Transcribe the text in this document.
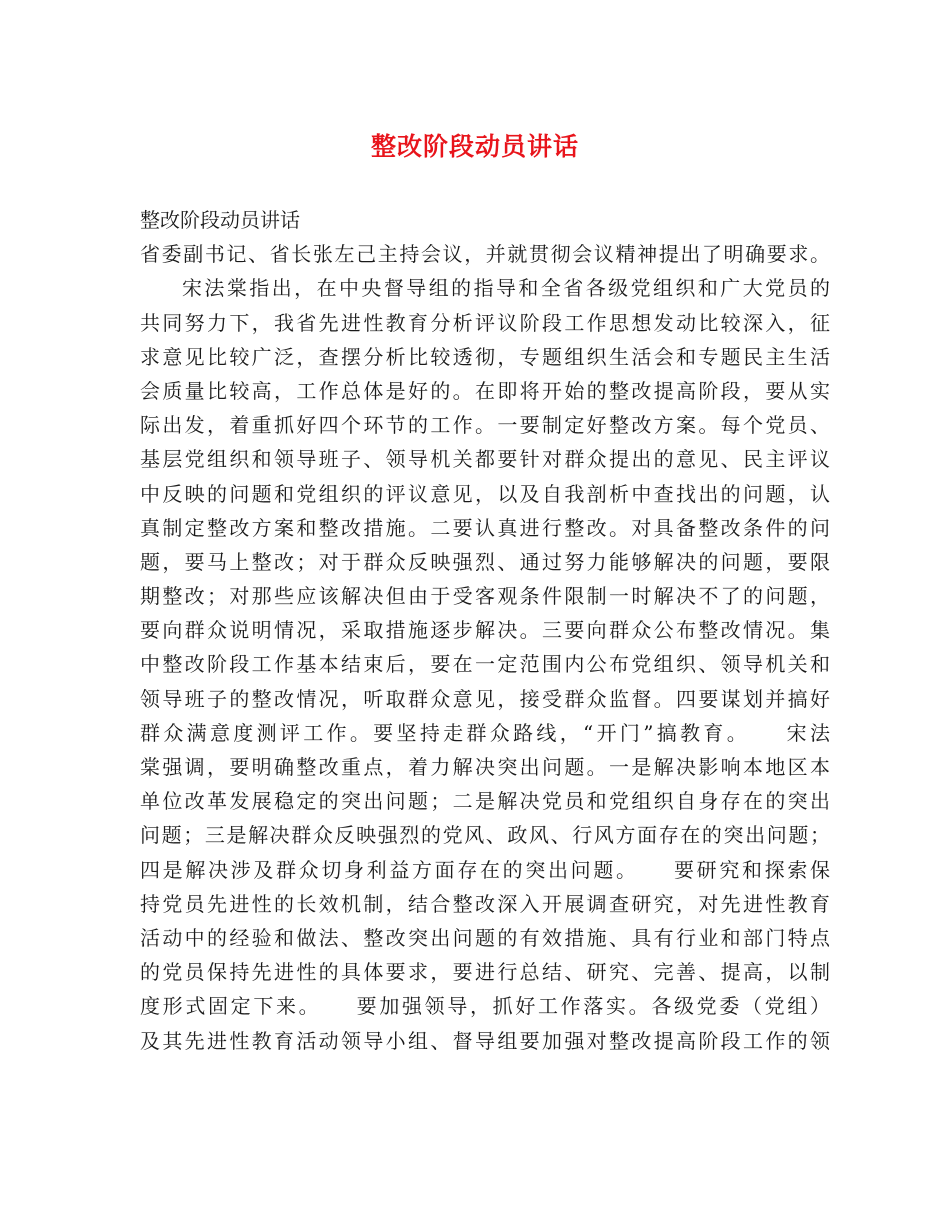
整改阶段动员讲话
整改阶段动员讲话
省委副书记、省长张左己主持会议，并就贯彻会议精神提出了明确要求。
宋法棠指出，在中央督导组的指导和全省各级党组织和广大党员的
共同努力下，我省先进性教育分析评议阶段工作思想发动比较深入，征
求意见比较广泛，查摆分析比较透彻，专题组织生活会和专题民主生活
会质量比较高，工作总体是好的。在即将开始的整改提高阶段，要从实
际出发，着重抓好四个环节的工作。一要制定好整改方案。每个党员、
基层党组织和领导班子、领导机关都要针对群众提出的意见、民主评议
中反映的问题和党组织的评议意见，以及自我剖析中查找出的问题，认
真制定整改方案和整改措施。二要认真进行整改。对具备整改条件的问
题，要马上整改；对于群众反映强烈、通过努力能够解决的问题，要限
期整改；对那些应该解决但由于受客观条件限制一时解决不了的问题，
要向群众说明情况，采取措施逐步解决。三要向群众公布整改情况。集
中整改阶段工作基本结束后，要在一定范围内公布党组织、领导机关和
领导班子的整改情况，听取群众意见，接受群众监督。四要谋划并搞好
群众满意度测评工作。要坚持走群众路线，“开门”搞教育。　　宋法
棠强调，要明确整改重点，着力解决突出问题。一是解决影响本地区本
单位改革发展稳定的突出问题；二是解决党员和党组织自身存在的突出
问题；三是解决群众反映强烈的党风、政风、行风方面存在的突出问题；
四是解决涉及群众切身利益方面存在的突出问题。　　要研究和探索保
持党员先进性的长效机制，结合整改深入开展调查研究，对先进性教育
活动中的经验和做法、整改突出问题的有效措施、具有行业和部门特点
的党员保持先进性的具体要求，要进行总结、研究、完善、提高，以制
度形式固定下来。　　要加强领导，抓好工作落实。各级党委（党组）
及其先进性教育活动领导小组、督导组要加强对整改提高阶段工作的领
